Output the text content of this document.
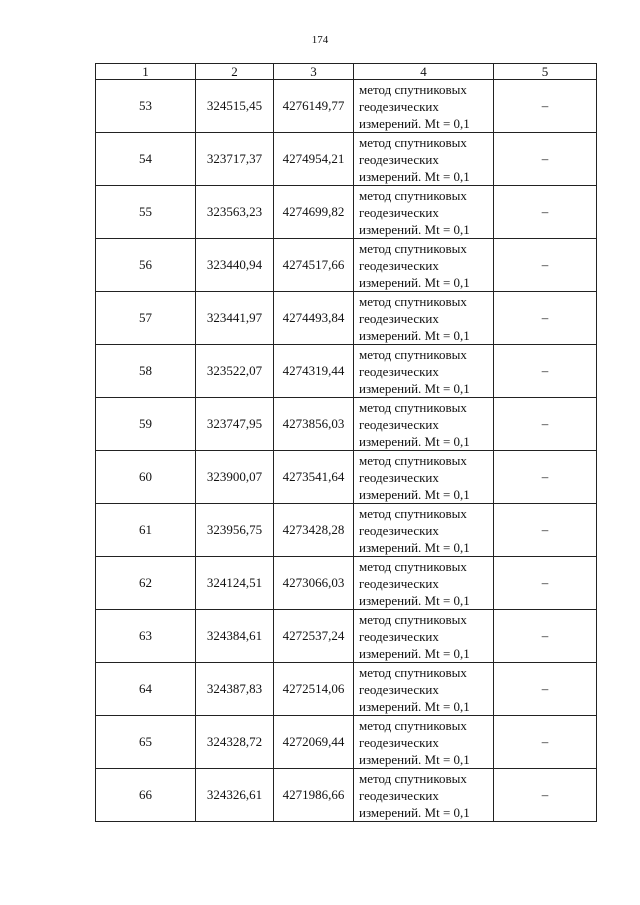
174
1	2	3	4	5
53	324515,45	4276149,77	метод спутниковых
геодезических
измерений. Mt = 0,1	–
54	323717,37	4274954,21	метод спутниковых
геодезических
измерений. Mt = 0,1	–
55	323563,23	4274699,82	метод спутниковых
геодезических
измерений. Mt = 0,1	–
56	323440,94	4274517,66	метод спутниковых
геодезических
измерений. Mt = 0,1	–
57	323441,97	4274493,84	метод спутниковых
геодезических
измерений. Mt = 0,1	–
58	323522,07	4274319,44	метод спутниковых
геодезических
измерений. Mt = 0,1	–
59	323747,95	4273856,03	метод спутниковых
геодезических
измерений. Mt = 0,1	–
60	323900,07	4273541,64	метод спутниковых
геодезических
измерений. Mt = 0,1	–
61	323956,75	4273428,28	метод спутниковых
геодезических
измерений. Mt = 0,1	–
62	324124,51	4273066,03	метод спутниковых
геодезических
измерений. Mt = 0,1	–
63	324384,61	4272537,24	метод спутниковых
геодезических
измерений. Mt = 0,1	–
64	324387,83	4272514,06	метод спутниковых
геодезических
измерений. Mt = 0,1	–
65	324328,72	4272069,44	метод спутниковых
геодезических
измерений. Mt = 0,1	–
66	324326,61	4271986,66	метод спутниковых
геодезических
измерений. Mt = 0,1	–
